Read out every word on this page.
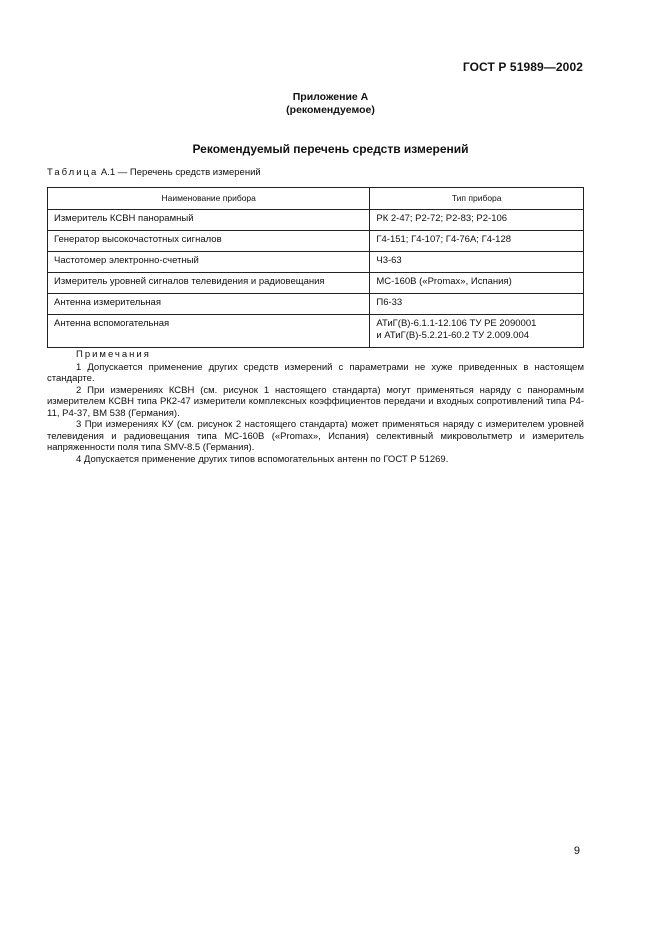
ГОСТ Р 51989—2002
Приложение А
(рекомендуемое)
Рекомендуемый перечень средств измерений
Таблица А.1 — Перечень средств измерений
Наименование прибора	Тип прибора
Измеритель КСВН панорамный	РК 2-47; Р2-72; Р2-83; Р2-106
Генератор высокочастотных сигналов	Г4-151; Г4-107; Г4-76А; Г4-128
Частотомер электронно-счетный	Ч3-63
Измеритель уровней сигналов телевидения и радиовещания	МС-160В («Promax», Испания)
Антенна измерительная	П6-33
Антенна вспомогательная	АТиГ(В)-6.1.1-12.106 ТУ РЕ 2090001
и АТиГ(В)-5.2.21-60.2 ТУ 2.009.004
Примечания

1 Допускается применение других средств измерений с параметрами не хуже приведенных в настоящем стандарте.

2 При измерениях КСВН (см. рисунок 1 настоящего стандарта) могут применяться наряду с панорамным измерителем КСВН типа РК2-47 измерители комплексных коэффициентов передачи и входных сопротивлений типа Р4-11, Р4-37, ВМ 538 (Германия).

3 При измерениях КУ (см. рисунок 2 настоящего стандарта) может применяться наряду с измерителем уровней телевидения и радиовещания типа МС-160В («Promax», Испания) селективный микровольтметр и измеритель напряженности поля типа SMV-8.5 (Германия).

4 Допускается применение других типов вспомогательных антенн по ГОСТ Р 51269.

9
